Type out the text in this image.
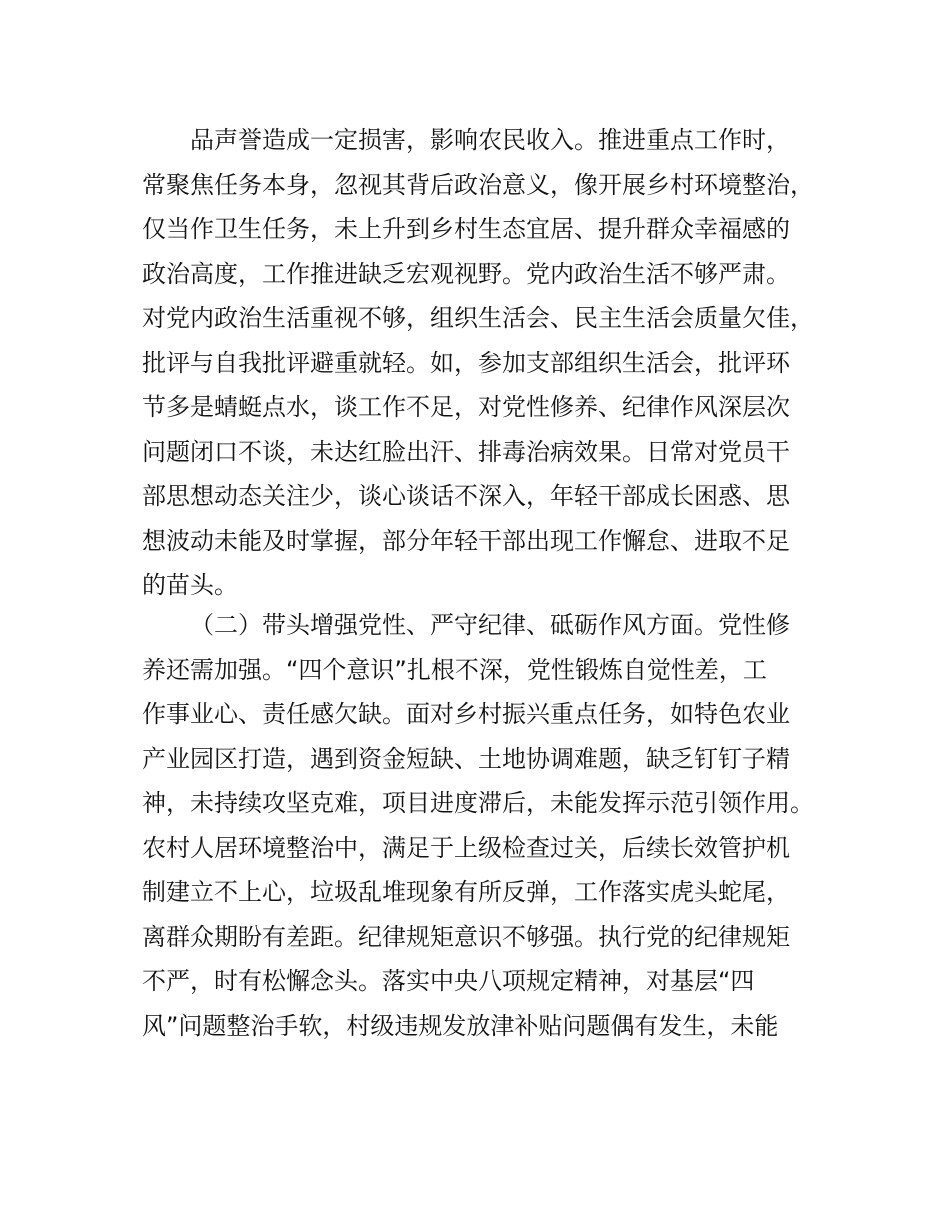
品声誉造成一定损害，影响农民收入。推进重点工作时，
常聚焦任务本身，忽视其背后政治意义，像开展乡村环境整治，
仅当作卫生任务，未上升到乡村生态宜居、提升群众幸福感的
政治高度，工作推进缺乏宏观视野。党内政治生活不够严肃。
对党内政治生活重视不够，组织生活会、民主生活会质量欠佳，
批评与自我批评避重就轻。如，参加支部组织生活会，批评环
节多是蜻蜓点水，谈工作不足，对党性修养、纪律作风深层次
问题闭口不谈，未达红脸出汗、排毒治病效果。日常对党员干
部思想动态关注少，谈心谈话不深入，年轻干部成长困惑、思
想波动未能及时掌握，部分年轻干部出现工作懈怠、进取不足
的苗头。
（二）带头增强党性、严守纪律、砥砺作风方面。党性修
养还需加强。“四个意识”扎根不深，党性锻炼自觉性差，工
作事业心、责任感欠缺。面对乡村振兴重点任务，如特色农业
产业园区打造，遇到资金短缺、土地协调难题，缺乏钉钉子精
神，未持续攻坚克难，项目进度滞后，未能发挥示范引领作用。
农村人居环境整治中，满足于上级检查过关，后续长效管护机
制建立不上心，垃圾乱堆现象有所反弹，工作落实虎头蛇尾，
离群众期盼有差距。纪律规矩意识不够强。执行党的纪律规矩
不严，时有松懈念头。落实中央八项规定精神，对基层“四
风”问题整治手软，村级违规发放津补贴问题偶有发生，未能
